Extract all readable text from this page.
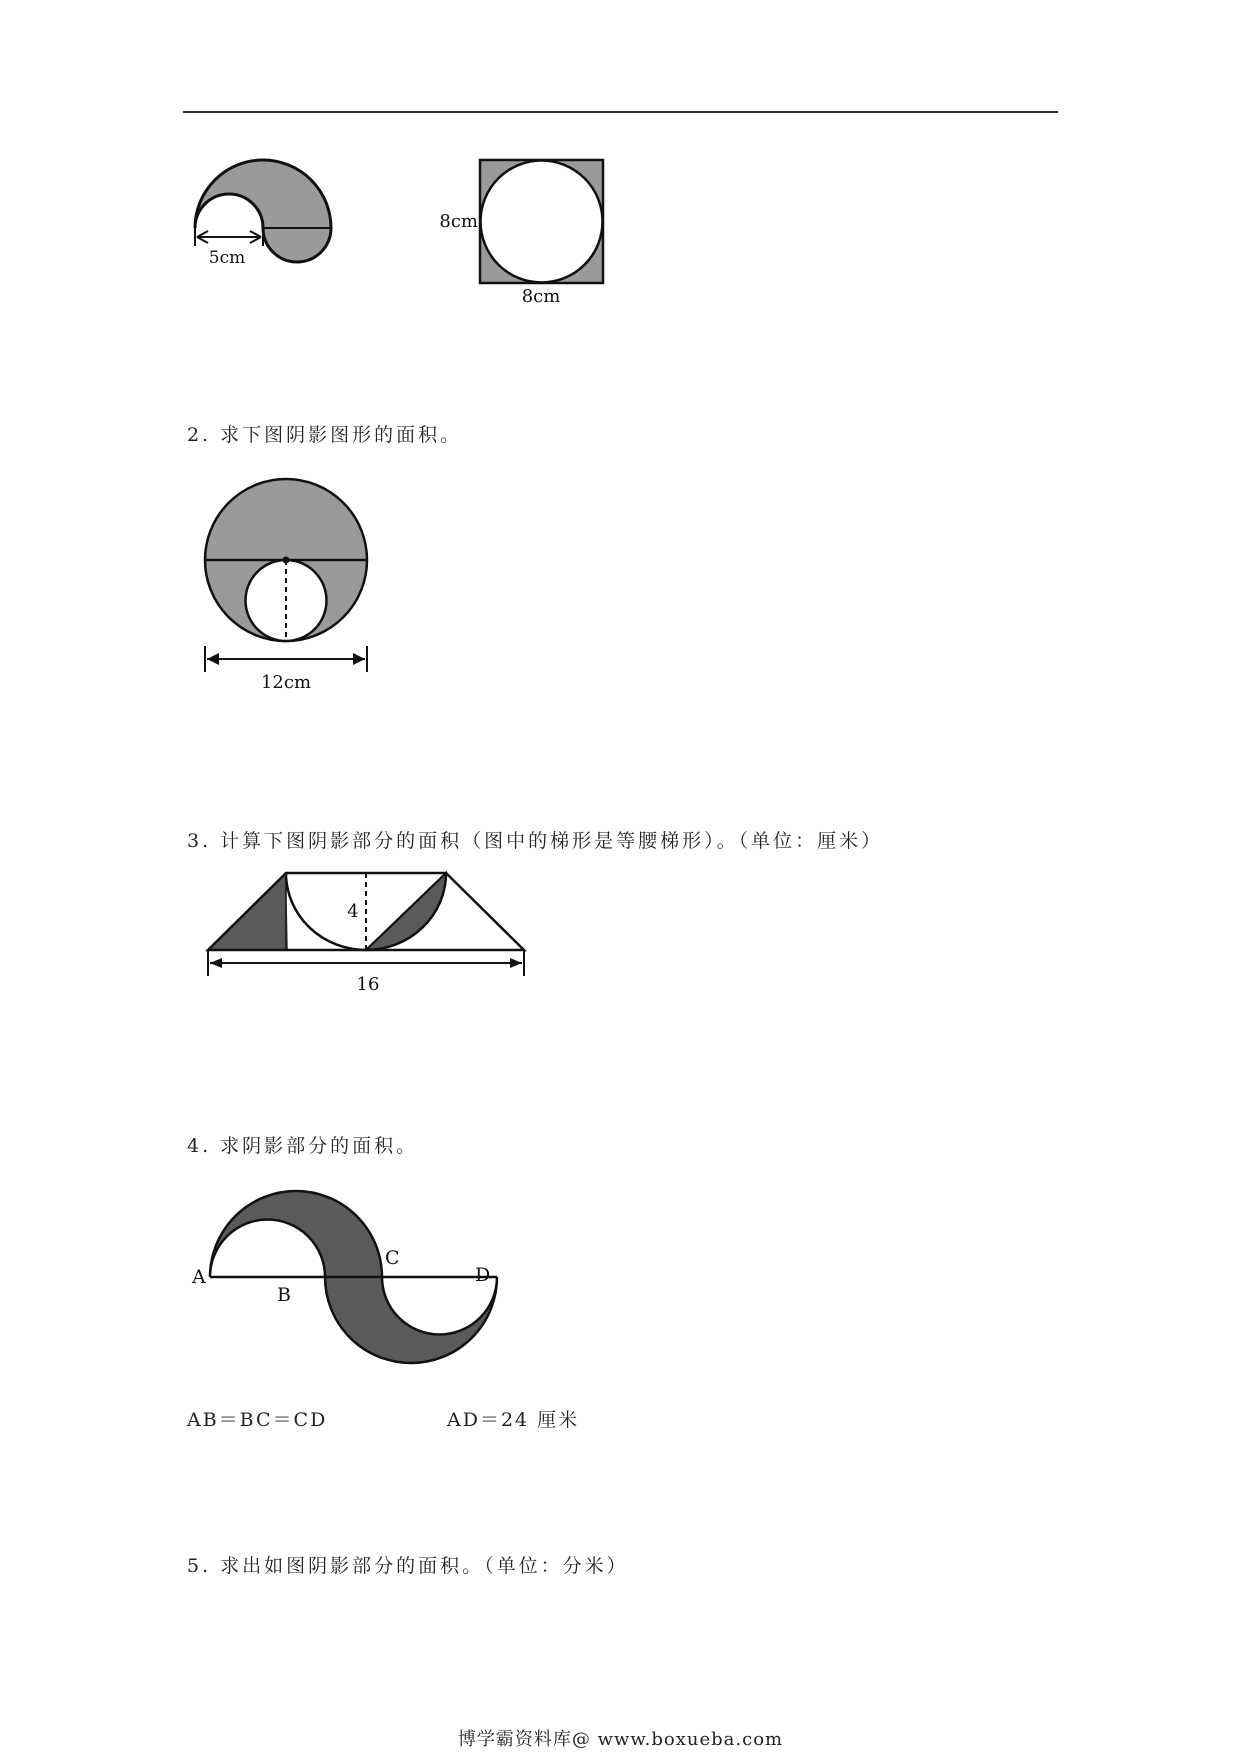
5cm
8cm
8cm
2. 求下图阴影图形的面积。
12cm
3. 计算下图阴影部分的面积（图中的梯形是等腰梯形）。（单位：厘米）
4
16
4. 求阴影部分的面积。
A
B
C
D
AB＝BC＝CD	AD＝24 厘米
5. 求出如图阴影部分的面积。（单位：分米）
博学霸资料库@ www.boxueba.com
